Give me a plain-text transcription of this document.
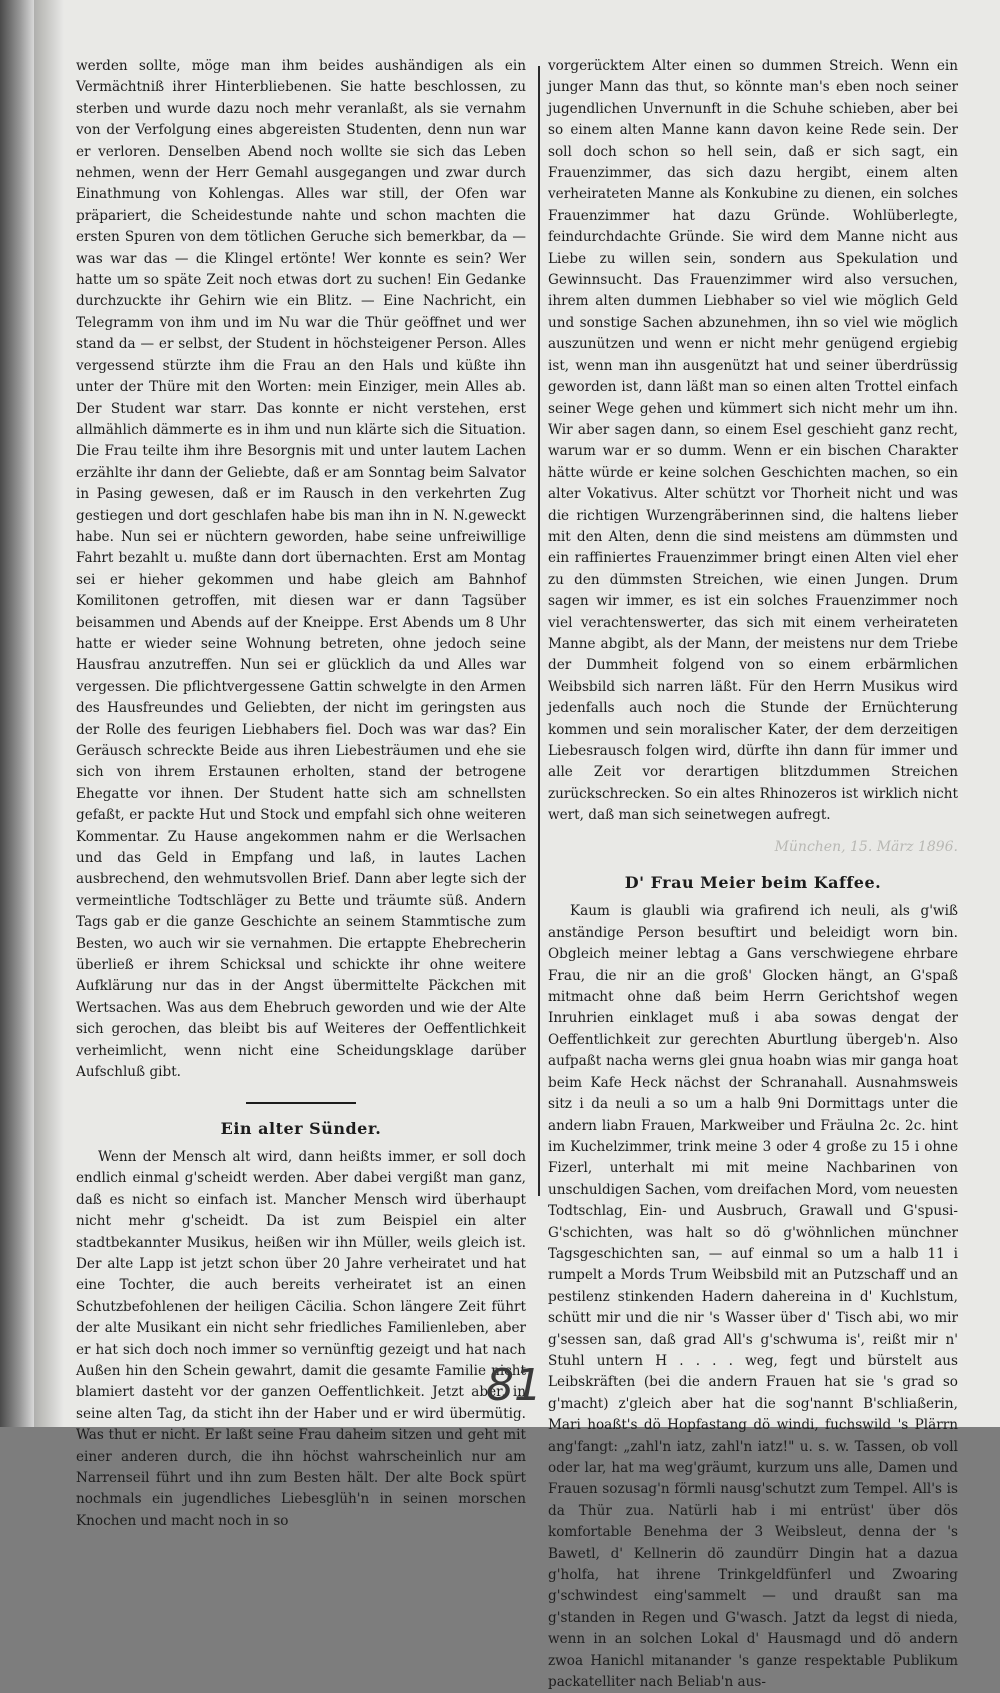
werden sollte, möge man ihm beides aushändigen als ein Vermächtniß ihrer Hinterbliebenen. Sie hatte beschlossen, zu sterben und wurde dazu noch mehr veranlaßt, als sie vernahm von der Verfolgung eines abgereisten Studenten, denn nun war er verloren. Denselben Abend noch wollte sie sich das Leben nehmen, wenn der Herr Gemahl ausgegangen und zwar durch Einathmung von Kohlengas. Alles war still, der Ofen war präpariert, die Scheidestunde nahte und schon machten die ersten Spuren von dem tötlichen Geruche sich bemerkbar, da — was war das — die Klingel ertönte! Wer konnte es sein? Wer hatte um so späte Zeit noch etwas dort zu suchen! Ein Gedanke durchzuckte ihr Gehirn wie ein Blitz. — Eine Nachricht, ein Telegramm von ihm und im Nu war die Thür geöffnet und wer stand da — er selbst, der Student in höchsteigener Person. Alles vergessend stürzte ihm die Frau an den Hals und küßte ihn unter der Thüre mit den Worten: mein Einziger, mein Alles ab. Der Student war starr. Das konnte er nicht verstehen, erst allmählich dämmerte es in ihm und nun klärte sich die Situation. Die Frau teilte ihm ihre Besorgnis mit und unter lautem Lachen erzählte ihr dann der Geliebte, daß er am Sonntag beim Salvator in Pasing gewesen, daß er im Rausch in den verkehrten Zug gestiegen und dort geschlafen habe bis man ihn in N. N.geweckt habe. Nun sei er nüchtern geworden, habe seine unfreiwillige Fahrt bezahlt u. mußte dann dort übernachten. Erst am Montag sei er hieher gekommen und habe gleich am Bahnhof Komilitonen getroffen, mit diesen war er dann Tagsüber beisammen und Abends auf der Kneippe. Erst Abends um 8 Uhr hatte er wieder seine Wohnung betreten, ohne jedoch seine Hausfrau anzutreffen. Nun sei er glücklich da und Alles war vergessen. Die pflichtvergessene Gattin schwelgte in den Armen des Hausfreundes und Geliebten, der nicht im geringsten aus der Rolle des feurigen Liebhabers fiel. Doch was war das? Ein Geräusch schreckte Beide aus ihren Liebesträumen und ehe sie sich von ihrem Erstaunen erholten, stand der betrogene Ehegatte vor ihnen. Der Student hatte sich am schnellsten gefaßt, er packte Hut und Stock und empfahl sich ohne weiteren Kommentar. Zu Hause angekommen nahm er die Werlsachen und das Geld in Empfang und laß, in lautes Lachen ausbrechend, den wehmutsvollen Brief. Dann aber legte sich der vermeintliche Todtschläger zu Bette und träumte süß. Andern Tags gab er die ganze Geschichte an seinem Stammtische zum Besten, wo auch wir sie vernahmen. Die ertappte Ehebrecherin überließ er ihrem Schicksal und schickte ihr ohne weitere Aufklärung nur das in der Angst übermittelte Päckchen mit Wertsachen. Was aus dem Ehebruch geworden und wie der Alte sich gerochen, das bleibt bis auf Weiteres der Oeffentlichkeit verheimlicht, wenn nicht eine Scheidungsklage darüber Aufschluß gibt.

Ein alter Sünder.

Wenn der Mensch alt wird, dann heißts immer, er soll doch endlich einmal g'scheidt werden. Aber dabei vergißt man ganz, daß es nicht so einfach ist. Mancher Mensch wird überhaupt nicht mehr g'scheidt. Da ist zum Beispiel ein alter stadtbekannter Musikus, heißen wir ihn Müller, weils gleich ist. Der alte Lapp ist jetzt schon über 20 Jahre verheiratet und hat eine Tochter, die auch bereits verheiratet ist an einen Schutzbefohlenen der heiligen Cäcilia. Schon längere Zeit führt der alte Musikant ein nicht sehr friedliches Familienleben, aber er hat sich doch noch immer so vernünftig gezeigt und hat nach Außen hin den Schein gewahrt, damit die gesamte Familie nicht blamiert dasteht vor der ganzen Oeffentlichkeit. Jetzt aber, in seine alten Tag, da sticht ihn der Haber und er wird übermütig. Was thut er nicht. Er laßt seine Frau daheim sitzen und geht mit einer anderen durch, die ihn höchst wahrscheinlich nur am Narrenseil führt und ihn zum Besten hält. Der alte Bock spürt nochmals ein jugendliches Liebesglüh'n in seinen morschen Knochen und macht noch in so

vorgerücktem Alter einen so dummen Streich. Wenn ein junger Mann das thut, so könnte man's eben noch seiner jugendlichen Unvernunft in die Schuhe schieben, aber bei so einem alten Manne kann davon keine Rede sein. Der soll doch schon so hell sein, daß er sich sagt, ein Frauenzimmer, das sich dazu hergibt, einem alten verheirateten Manne als Konkubine zu dienen, ein solches Frauenzimmer hat dazu Gründe. Wohlüberlegte, feindurchdachte Gründe. Sie wird dem Manne nicht aus Liebe zu willen sein, sondern aus Spekulation und Gewinnsucht. Das Frauenzimmer wird also versuchen, ihrem alten dummen Liebhaber so viel wie möglich Geld und sonstige Sachen abzunehmen, ihn so viel wie möglich auszunützen und wenn er nicht mehr genügend ergiebig ist, wenn man ihn ausgenützt hat und seiner überdrüssig geworden ist, dann läßt man so einen alten Trottel einfach seiner Wege gehen und kümmert sich nicht mehr um ihn. Wir aber sagen dann, so einem Esel geschieht ganz recht, warum war er so dumm. Wenn er ein bischen Charakter hätte würde er keine solchen Geschichten machen, so ein alter Vokativus. Alter schützt vor Thorheit nicht und was die richtigen Wurzengräberinnen sind, die haltens lieber mit den Alten, denn die sind meistens am dümmsten und ein raffiniertes Frauenzimmer bringt einen Alten viel eher zu den dümmsten Streichen, wie einen Jungen. Drum sagen wir immer, es ist ein solches Frauenzimmer noch viel verachtenswerter, das sich mit einem verheirateten Manne abgibt, als der Mann, der meistens nur dem Triebe der Dummheit folgend von so einem erbärmlichen Weibsbild sich narren läßt. Für den Herrn Musikus wird jedenfalls auch noch die Stunde der Ernüchterung kommen und sein moralischer Kater, der dem derzeitigen Liebesrausch folgen wird, dürfte ihn dann für immer und alle Zeit vor derartigen blitzdummen Streichen zurückschrecken. So ein altes Rhinozeros ist wirklich nicht wert, daß man sich seinetwegen aufregt.

München, 15. März 1896.
D' Frau Meier beim Kaffee.

Kaum is glaubli wia grafirend ich neuli, als g'wiß anständige Person besuftirt und beleidigt worn bin. Obgleich meiner lebtag a Gans verschwiegene ehrbare Frau, die nir an die groß' Glocken hängt, an G'spaß mitmacht ohne daß beim Herrn Gerichtshof wegen Inruhrien einklaget muß i aba sowas dengat der Oeffentlichkeit zur gerechten Aburtlung übergeb'n. Also aufpaßt nacha werns glei gnua hoabn wias mir ganga hoat beim Kafe Heck nächst der Schranahall. Ausnahmsweis sitz i da neuli a so um a halb 9ni Dormittags unter die andern liabn Frauen, Markweiber und Fräulna 2c. 2c. hint im Kuchelzimmer, trink meine 3 oder 4 große zu 15 i ohne Fizerl, unterhalt mi mit meine Nachbarinen von unschuldigen Sachen, vom dreifachen Mord, vom neuesten Todtschlag, Ein- und Ausbruch, Grawall und G'spusi-G'schichten, was halt so dö g'wöhnlichen münchner Tagsgeschichten san, — auf einmal so um a halb 11 i rumpelt a Mords Trum Weibsbild mit an Putzschaff und an pestilenz stinkenden Hadern dahereina in d' Kuchlstum, schütt mir und die nir 's Wasser über d' Tisch abi, wo mir g'sessen san, daß grad All's g'schwuma is', reißt mir n' Stuhl untern H . . . . weg, fegt und bürstelt aus Leibskräften (bei die andern Frauen hat sie 's grad so g'macht) z'gleich aber hat die sog'nannt B'schliaßerin, Mari hoaßt's dö Hopfastang dö windi, fuchswild 's Plärrn ang'fangt: „zahl'n iatz, zahl'n iatz!" u. s. w. Tassen, ob voll oder lar, hat ma weg'gräumt, kurzum uns alle, Damen und Frauen sozusag'n förmli nausg'schutzt zum Tempel. All's is da Thür zua. Natürli hab i mi entrüst' über dös komfortable Benehma der 3 Weibsleut, denna der 's Bawetl, d' Kellnerin dö zaundürr Dingin hat a dazua g'holfa, hat ihrene Trinkgeldfünferl und Zwoaring g'schwindest eing'sammelt — und draußt san ma g'standen in Regen und G'wasch. Jatzt da legst di nieda, wenn in an solchen Lokal d' Hausmagd und dö andern zwoa Hanichl mitanander 's ganze respektable Publikum packatelliter nach Beliab'n aus-

81
